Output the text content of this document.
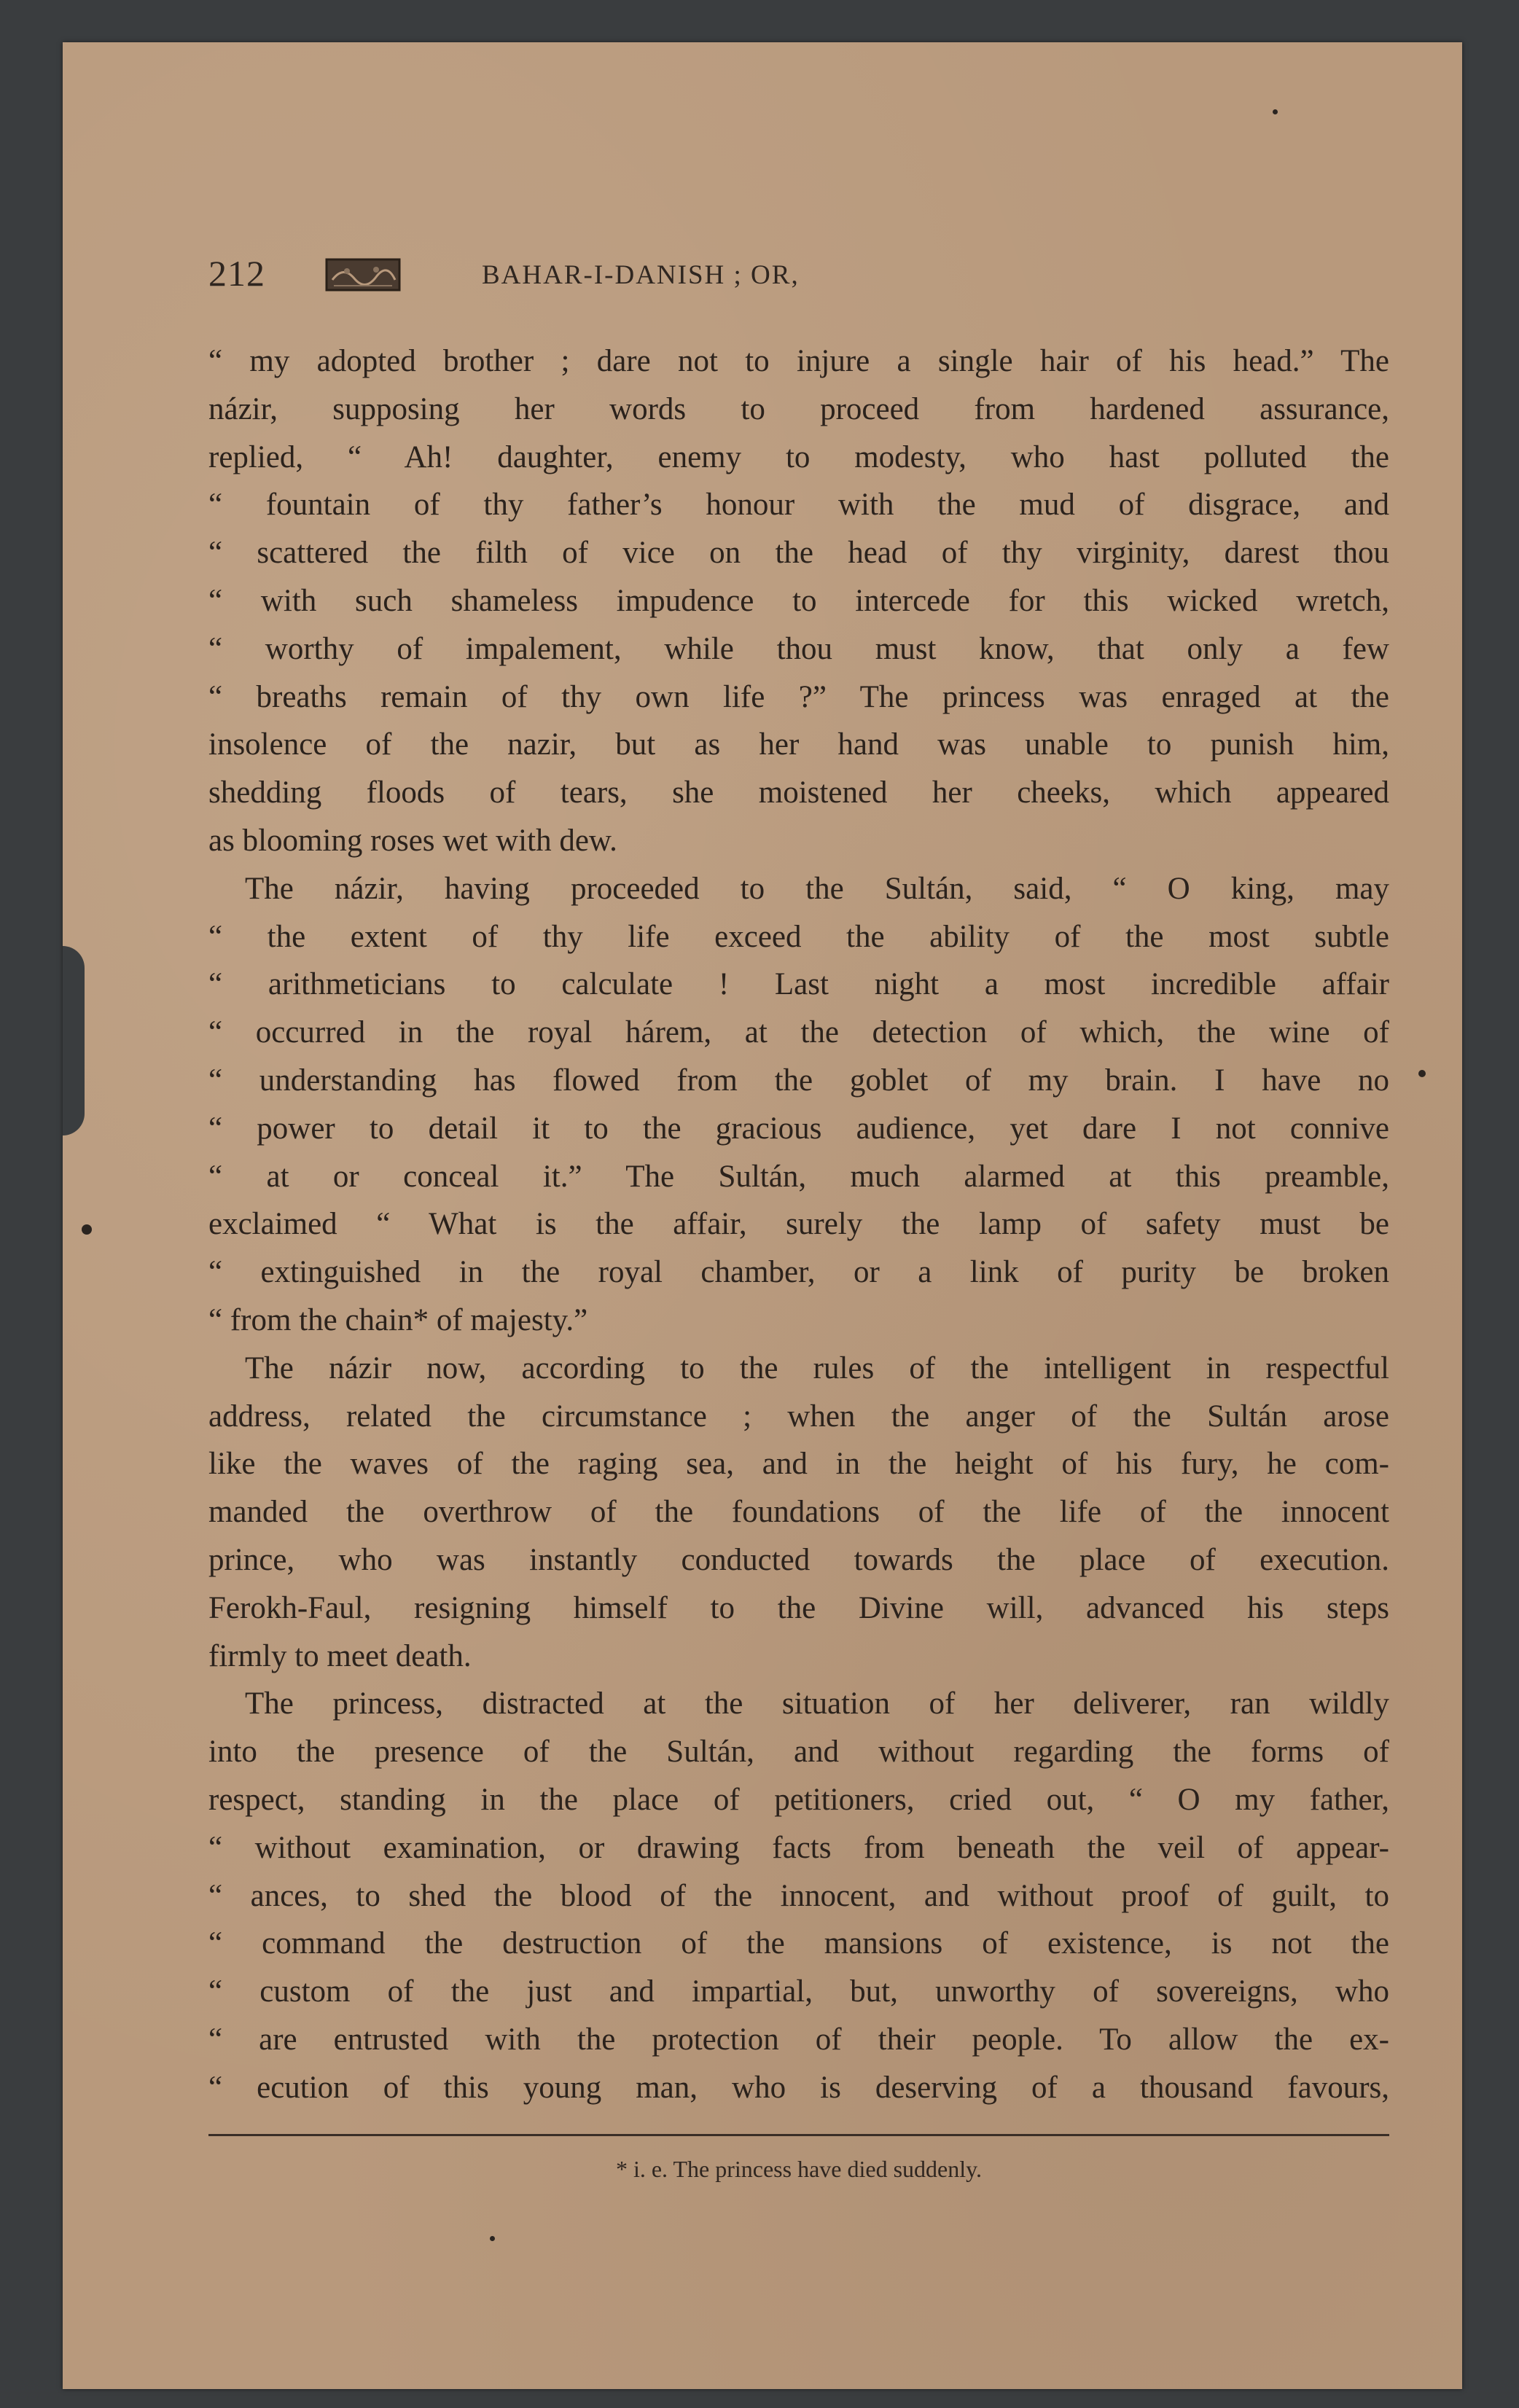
212	BAHAR-I-DANISH ; OR,
“ my adopted brother ; dare not to injure a single hair of his head.” The
názir, supposing her words to proceed from hardened assurance,
replied, “ Ah! daughter, enemy to modesty, who hast polluted the
“ fountain of thy father’s honour with the mud of disgrace, and
“ scattered the filth of vice on the head of thy virginity, darest thou
“ with such shameless impudence to intercede for this wicked wretch,
“ worthy of impalement, while thou must know, that only a few
“ breaths remain of thy own life ?” The princess was enraged at the
insolence of the nazir, but as her hand was unable to punish him,
shedding floods of tears, she moistened her cheeks, which appeared
as blooming roses wet with dew.
The názir, having proceeded to the Sultán, said, “ O king, may
“ the extent of thy life exceed the ability of the most subtle
“ arithmeticians to calculate ! Last night a most incredible affair
“ occurred in the royal hárem, at the detection of which, the wine of
“ understanding has flowed from the goblet of my brain. I have no
“ power to detail it to the gracious audience, yet dare I not connive
“ at or conceal it.” The Sultán, much alarmed at this preamble,
exclaimed “ What is the affair, surely the lamp of safety must be
“ extinguished in the royal chamber, or a link of purity be broken
“ from the chain* of majesty.”
The názir now, according to the rules of the intelligent in respectful
address, related the circumstance ; when the anger of the Sultán arose
like the waves of the raging sea, and in the height of his fury, he com-
manded the overthrow of the foundations of the life of the innocent
prince, who was instantly conducted towards the place of execution.
Ferokh-Faul, resigning himself to the Divine will, advanced his steps
firmly to meet death.
The princess, distracted at the situation of her deliverer, ran wildly
into the presence of the Sultán, and without regarding the forms of
respect, standing in the place of petitioners, cried out, “ O my father,
“ without examination, or drawing facts from beneath the veil of appear-
“ ances, to shed the blood of the innocent, and without proof of guilt, to
“ command the destruction of the mansions of existence, is not the
“ custom of the just and impartial, but, unworthy of sovereigns, who
“ are entrusted with the protection of their people. To allow the ex-
“ ecution of this young man, who is deserving of a thousand favours,
* i. e. The princess have died suddenly.
